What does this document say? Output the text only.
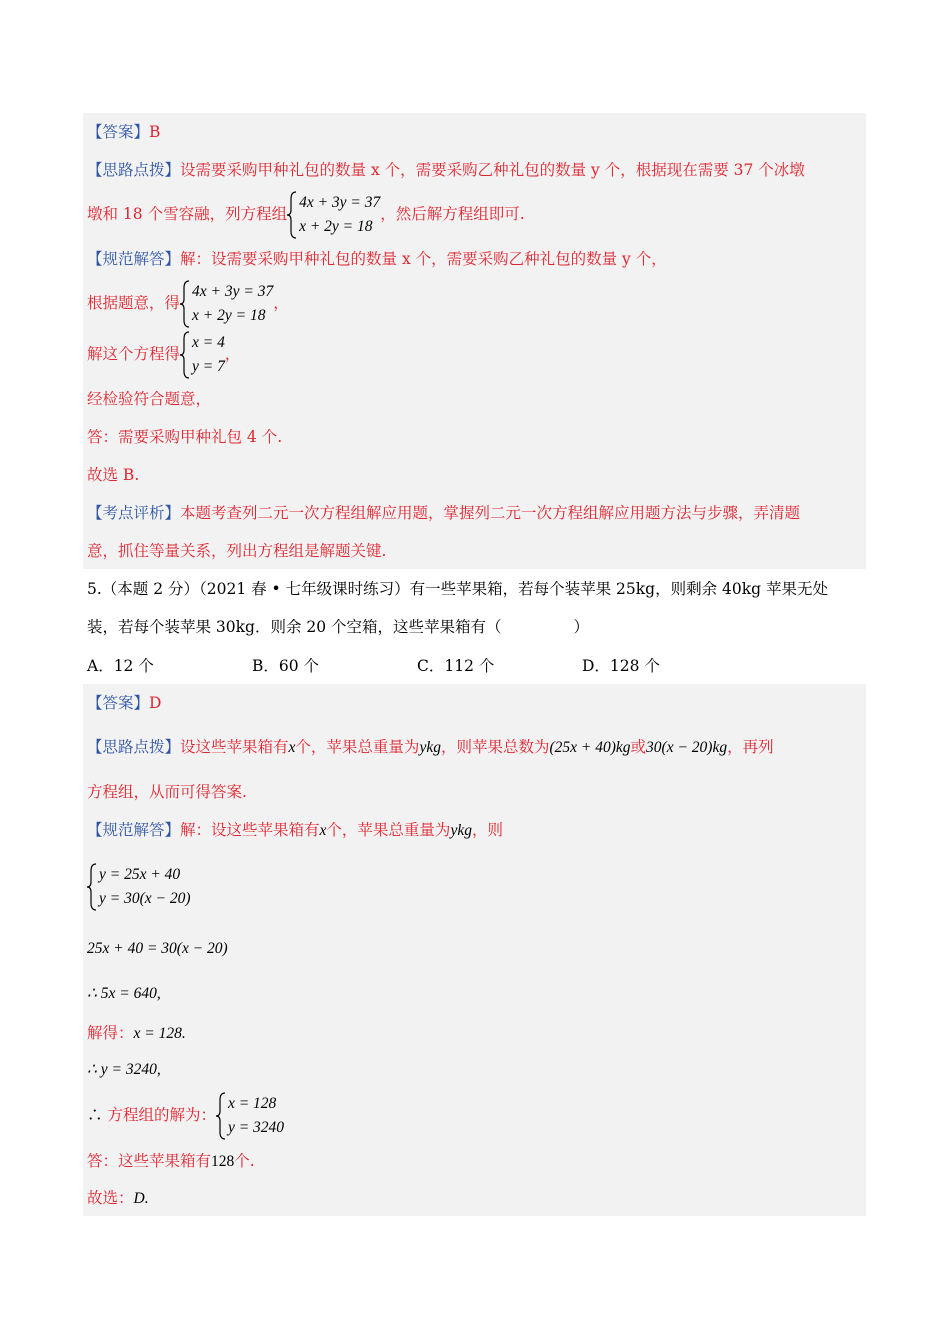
【答案】B
【思路点拨】设需要采购甲种礼包的数量 x 个，需要采购乙种礼包的数量 y 个，根据现在需要 37 个冰墩
墩和 18 个雪容融，列方程组
4x + 3y = 37
x + 2y = 18
，然后解方程组即可.
【规范解答】解：设需要采购甲种礼包的数量 x 个，需要采购乙种礼包的数量 y 个，
根据题意，得
4x + 3y = 37
x + 2y = 18
，
解这个方程得
x = 4
y = 7
，
经检验符合题意，
答：需要采购甲种礼包 4 个.
故选 B.
【考点评析】本题考查列二元一次方程组解应用题，掌握列二元一次方程组解应用题方法与步骤，弄清题
意，抓住等量关系，列出方程组是解题关键.
5.（本题 2 分）（2021 春 • 七年级课时练习）有一些苹果箱，若每个装苹果 25kg，则剩余 40kg 苹果无处
装，若每个装苹果 30kg．则余 20 个空箱，这些苹果箱有（	）
A．12 个	B．60 个	C．112 个	D．128 个
【答案】D
【思路点拨】设这些苹果箱有x个，苹果总重量为ykg，则苹果总数为(25x + 40)kg或30(x − 20)kg，再列
方程组，从而可得答案.
【规范解答】解：设这些苹果箱有x个，苹果总重量为ykg，则
y = 25x + 40
y = 30(x − 20)
25x + 40 = 30(x − 20)
∴ 5x = 640,
解得：x = 128.
∴ y = 3240,
∴ 方程组的解为：
x = 128
y = 3240
答：这些苹果箱有128个.
故选：D.
